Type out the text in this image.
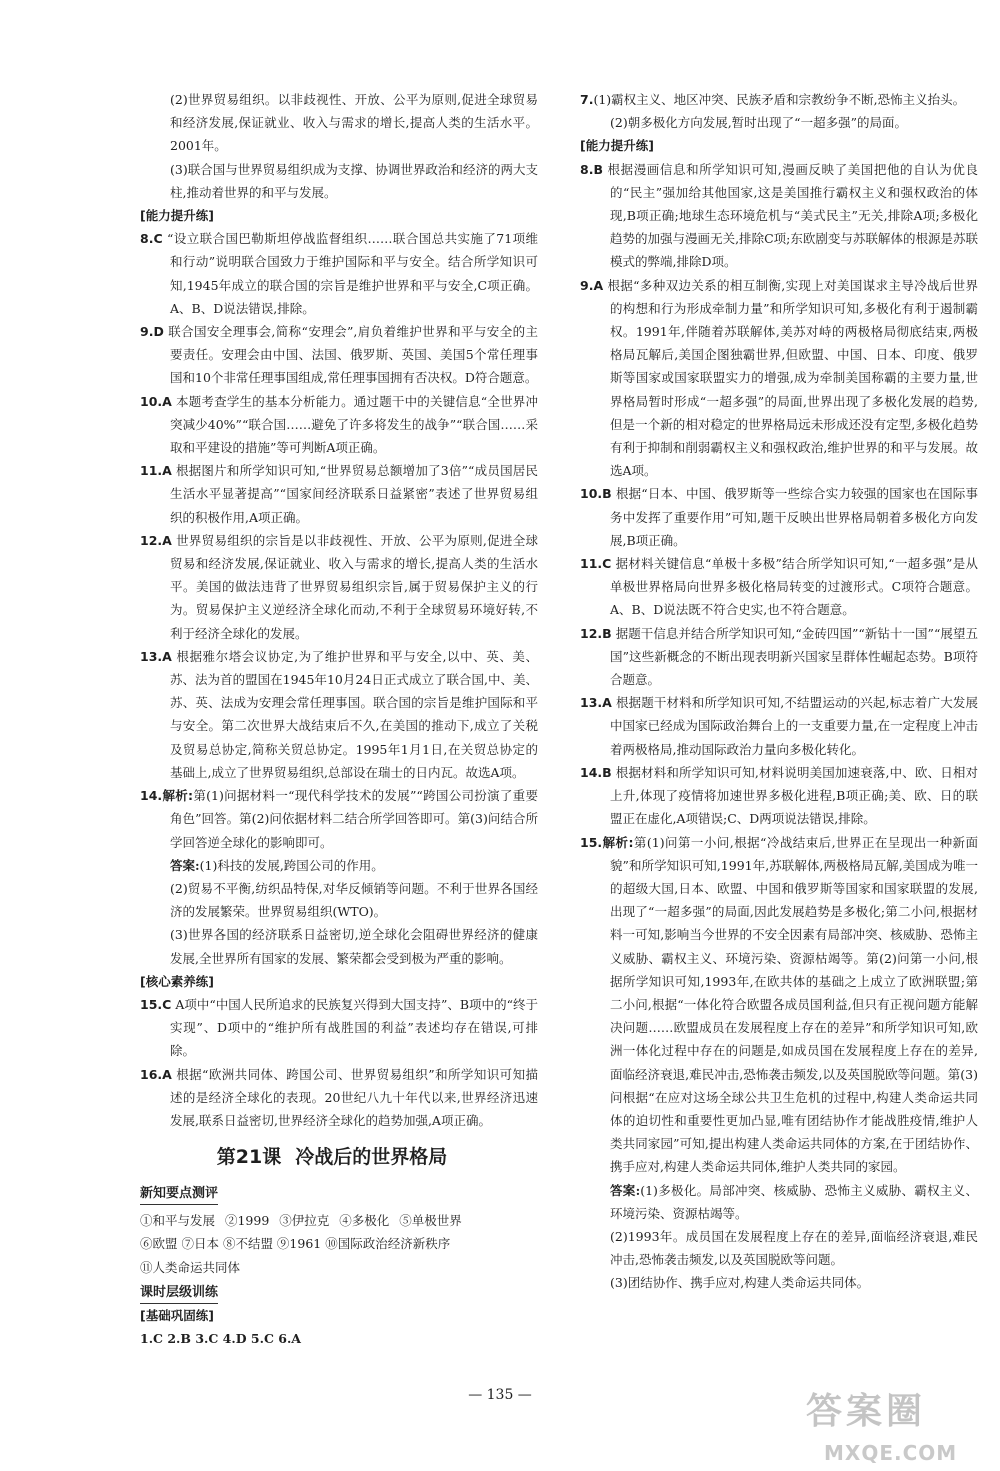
(2)世界贸易组织。以非歧视性、开放、公平为原则,促进全球贸易和经济发展,保证就业、收入与需求的增长,提高人类的生活水平。2001年。

(3)联合国与世界贸易组织成为支撑、协调世界政治和经济的两大支柱,推动着世界的和平与发展。

[能力提升练]

8.C “设立联合国巴勒斯坦停战监督组织……联合国总共实施了71项维和行动”说明联合国致力于维护国际和平与安全。结合所学知识可知,1945年成立的联合国的宗旨是维护世界和平与安全,C项正确。A、B、D说法错误,排除。

9.D 联合国安全理事会,简称“安理会”,肩负着维护世界和平与安全的主要责任。安理会由中国、法国、俄罗斯、英国、美国5个常任理事国和10个非常任理事国组成,常任理事国拥有否决权。D符合题意。

10.A 本题考查学生的基本分析能力。通过题干中的关键信息“全世界冲突减少40%”“联合国……避免了许多将发生的战争”“联合国……采取和平建设的措施”等可判断A项正确。

11.A 根据图片和所学知识可知,“世界贸易总额增加了3倍”“成员国居民生活水平显著提高”“国家间经济联系日益紧密”表述了世界贸易组织的积极作用,A项正确。

12.A 世界贸易组织的宗旨是以非歧视性、开放、公平为原则,促进全球贸易和经济发展,保证就业、收入与需求的增长,提高人类的生活水平。美国的做法违背了世界贸易组织宗旨,属于贸易保护主义的行为。贸易保护主义逆经济全球化而动,不利于全球贸易环境好转,不利于经济全球化的发展。

13.A 根据雅尔塔会议协定,为了维护世界和平与安全,以中、英、美、苏、法为首的盟国在1945年10月24日正式成立了联合国,中、美、苏、英、法成为安理会常任理事国。联合国的宗旨是维护国际和平与安全。第二次世界大战结束后不久,在美国的推动下,成立了关税及贸易总协定,简称关贸总协定。1995年1月1日,在关贸总协定的基础上,成立了世界贸易组织,总部设在瑞士的日内瓦。故选A项。

14.解析:第(1)问据材料一“现代科学技术的发展”“跨国公司扮演了重要角色”回答。第(2)问依据材料二结合所学回答即可。第(3)问结合所学回答逆全球化的影响即可。

答案:(1)科技的发展,跨国公司的作用。

(2)贸易不平衡,纺织品特保,对华反倾销等问题。不利于世界各国经济的发展繁荣。世界贸易组织(WTO)。

(3)世界各国的经济联系日益密切,逆全球化会阻碍世界经济的健康发展,全世界所有国家的发展、繁荣都会受到极为严重的影响。

[核心素养练]

15.C A项中“中国人民所追求的民族复兴得到大国支持”、B项中的“终于实现”、D项中的“维护所有战胜国的利益”表述均存在错误,可排除。

16.A 根据“欧洲共同体、跨国公司、世界贸易组织”和所学知识可知描述的是经济全球化的表现。20世纪八九十年代以来,世界经济迅速发展,联系日益密切,世界经济全球化的趋势加强,A项正确。

第21课 冷战后的世界格局
新知要点测评

①和平与发展 ②1999 ③伊拉克 ④多极化 ⑤单极世界

⑥欧盟 ⑦日本 ⑧不结盟 ⑨1961 ⑩国际政治经济新秩序

⑪人类命运共同体

课时层级训练

[基础巩固练]

1.C 2.B 3.C 4.D 5.C 6.A

7.(1)霸权主义、地区冲突、民族矛盾和宗教纷争不断,恐怖主义抬头。

(2)朝多极化方向发展,暂时出现了“一超多强”的局面。

[能力提升练]

8.B 根据漫画信息和所学知识可知,漫画反映了美国把他的自认为优良的“民主”强加给其他国家,这是美国推行霸权主义和强权政治的体现,B项正确;地球生态环境危机与“美式民主”无关,排除A项;多极化趋势的加强与漫画无关,排除C项;东欧剧变与苏联解体的根源是苏联模式的弊端,排除D项。

9.A 根据“多种双边关系的相互制衡,实现上对美国谋求主导冷战后世界的构想和行为形成牵制力量”和所学知识可知,多极化有利于遏制霸权。1991年,伴随着苏联解体,美苏对峙的两极格局彻底结束,两极格局瓦解后,美国企图独霸世界,但欧盟、中国、日本、印度、俄罗斯等国家或国家联盟实力的增强,成为牵制美国称霸的主要力量,世界格局暂时形成“一超多强”的局面,世界出现了多极化发展的趋势,但是一个新的相对稳定的世界格局远未形成还没有定型,多极化趋势有利于抑制和削弱霸权主义和强权政治,维护世界的和平与发展。故选A项。

10.B 根据“日本、中国、俄罗斯等一些综合实力较强的国家也在国际事务中发挥了重要作用”可知,题干反映出世界格局朝着多极化方向发展,B项正确。

11.C 据材料关键信息“单极十多极”结合所学知识可知,“一超多强”是从单极世界格局向世界多极化格局转变的过渡形式。C项符合题意。A、B、D说法既不符合史实,也不符合题意。

12.B 据题干信息并结合所学知识可知,“金砖四国”“新钻十一国”“展望五国”这些新概念的不断出现表明新兴国家呈群体性崛起态势。B项符合题意。

13.A 根据题干材料和所学知识可知,不结盟运动的兴起,标志着广大发展中国家已经成为国际政治舞台上的一支重要力量,在一定程度上冲击着两极格局,推动国际政治力量向多极化转化。

14.B 根据材料和所学知识可知,材料说明美国加速衰落,中、欧、日相对上升,体现了疫情将加速世界多极化进程,B项正确;美、欧、日的联盟正在虚化,A项错误;C、D两项说法错误,排除。

15.解析:第(1)问第一小问,根据“冷战结束后,世界正在呈现出一种新面貌”和所学知识可知,1991年,苏联解体,两极格局瓦解,美国成为唯一的超级大国,日本、欧盟、中国和俄罗斯等国家和国家联盟的发展,出现了“一超多强”的局面,因此发展趋势是多极化;第二小问,根据材料一可知,影响当今世界的不安全因素有局部冲突、核威胁、恐怖主义威胁、霸权主义、环境污染、资源枯竭等。第(2)问第一小问,根据所学知识可知,1993年,在欧共体的基础之上成立了欧洲联盟;第二小问,根据“一体化符合欧盟各成员国利益,但只有正视问题方能解决问题……欧盟成员在发展程度上存在的差异”和所学知识可知,欧洲一体化过程中存在的问题是,如成员国在发展程度上存在的差异,面临经济衰退,难民冲击,恐怖袭击频发,以及英国脱欧等问题。第(3)问根据“在应对这场全球公共卫生危机的过程中,构建人类命运共同体的迫切性和重要性更加凸显,唯有团结协作才能战胜疫情,维护人类共同家园”可知,提出构建人类命运共同体的方案,在于团结协作、携手应对,构建人类命运共同体,维护人类共同的家园。

答案:(1)多极化。局部冲突、核威胁、恐怖主义威胁、霸权主义、环境污染、资源枯竭等。

(2)1993年。成员国在发展程度上存在的差异,面临经济衰退,难民冲击,恐怖袭击频发,以及英国脱欧等问题。

(3)团结协作、携手应对,构建人类命运共同体。

— 135 —	答案圈
MXQE.COM
